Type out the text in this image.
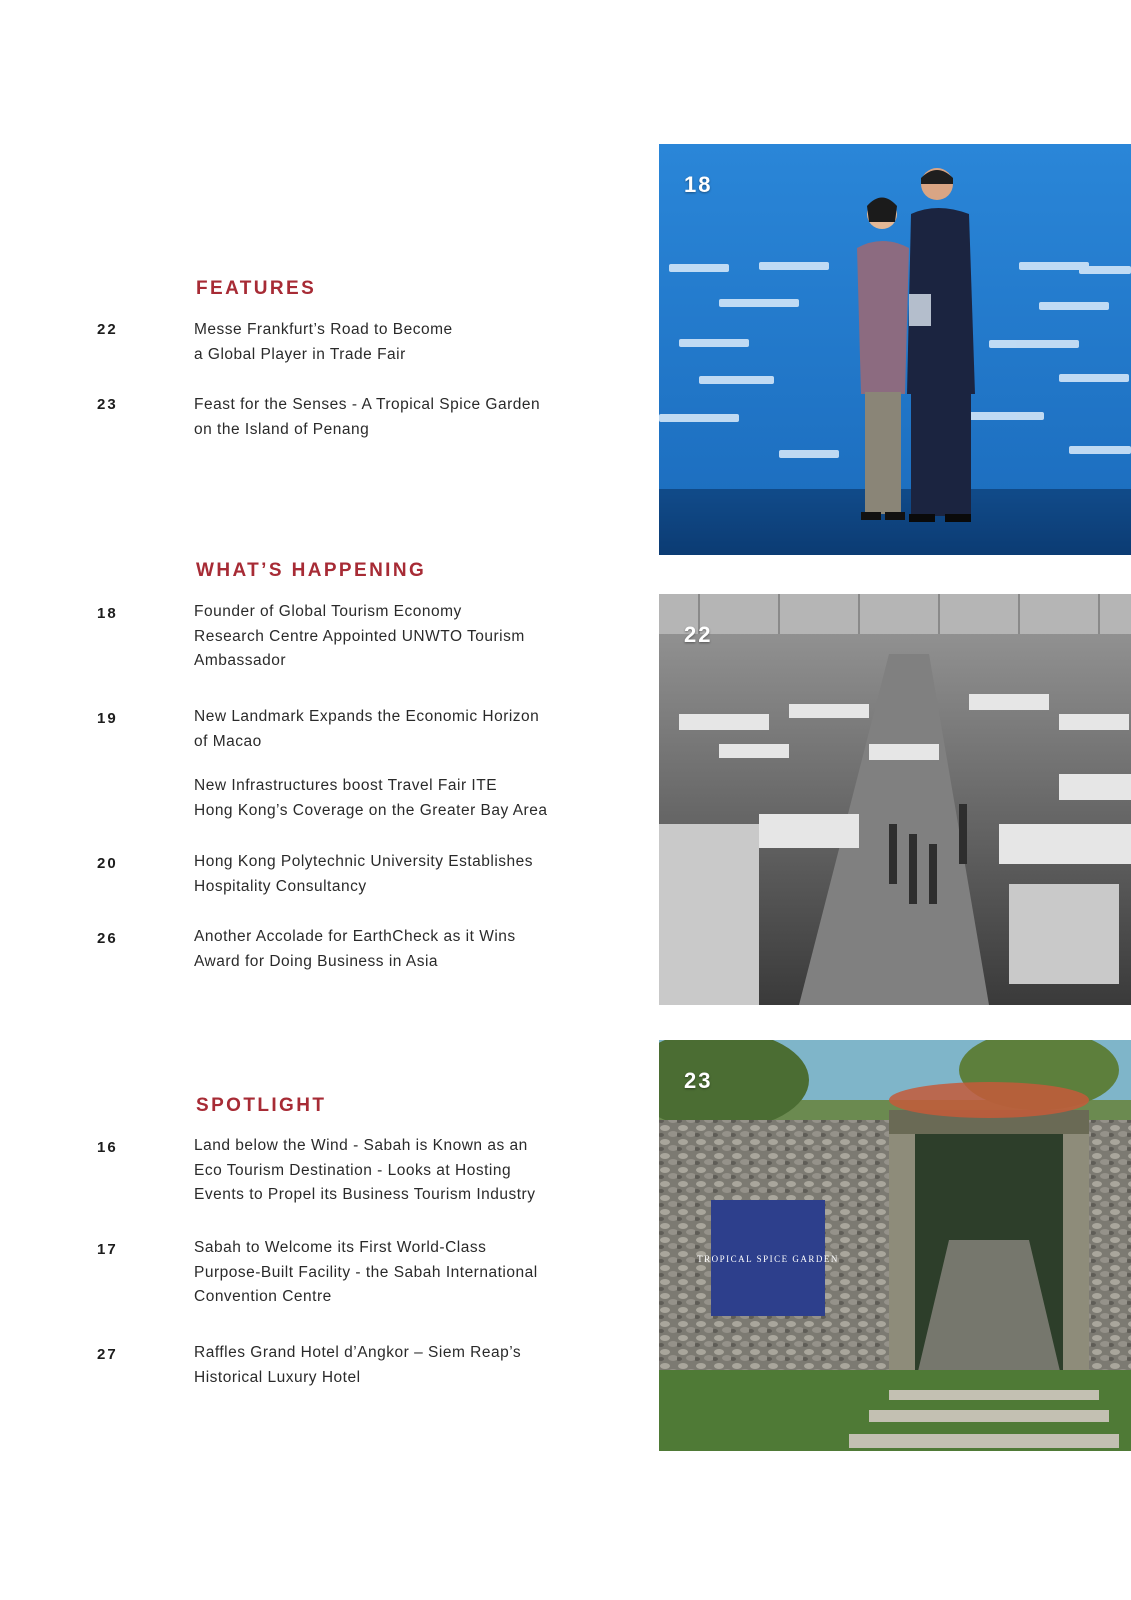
FEATURES
22	Messe Frankfurt’s Road to Become
a Global Player in Trade Fair
23	Feast for the Senses - A Tropical Spice Garden
on the Island of Penang
WHAT’S HAPPENING
18	Founder of Global Tourism Economy
Research Centre Appointed UNWTO Tourism
Ambassador
19	New Landmark Expands the Economic Horizon
of Macao
New Infrastructures boost Travel Fair ITE
Hong Kong’s Coverage on the Greater Bay Area
20	Hong Kong Polytechnic University Establishes
Hospitality Consultancy
26	Another Accolade for EarthCheck as it Wins
Award for Doing Business in Asia
SPOTLIGHT
16	Land below the Wind - Sabah is Known as an
Eco Tourism Destination - Looks at Hosting
Events to Propel its Business Tourism Industry
17	Sabah to Welcome its First World-Class
Purpose-Built Facility - the Sabah International
Convention Centre
27	Raffles Grand Hotel d’Angkor – Siem Reap’s
Historical Luxury Hotel
18
22
TROPICAL SPICE GARDEN
23
